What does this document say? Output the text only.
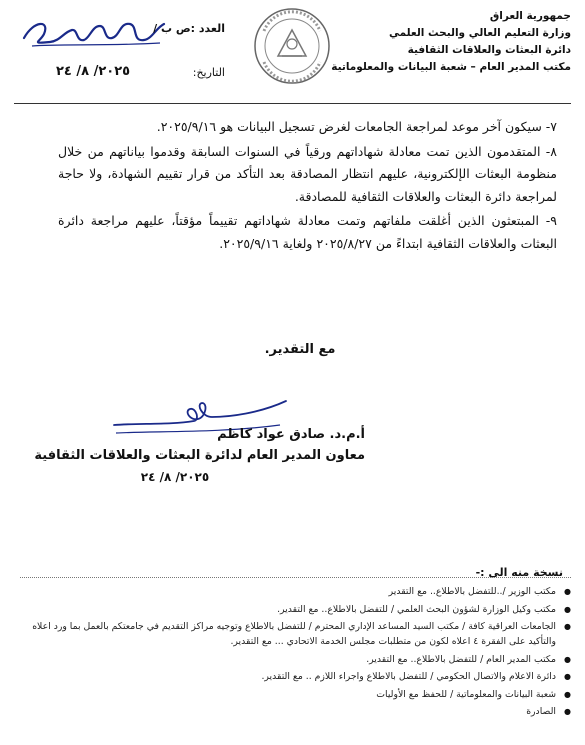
جمهورية العراق
وزارة التعليم العالي والبحث العلمي
دائرة البعثات والعلاقات الثقافية
مكتب المدير العام – شعبة البيانات والمعلوماتية
العدد :ص ب /
التاريخ:
٢٠٢٥/ ٨/ ٢٤
٧- سيكون آخر موعد لمراجعة الجامعات لغرض تسجيل البيانات هو ٢٠٢٥/٩/١٦.
٨- المتقدمون الذين تمت معادلة شهاداتهم ورقياً في السنوات السابقة وقدموا بياناتهم من خلال منظومة البعثات الإلكترونية، عليهم انتظار المصادقة بعد التأكد من قرار تقييم الشهادة، ولا حاجة لمراجعة دائرة البعثات والعلاقات الثقافية للمصادقة.
٩- المبتعثون الذين أغلقت ملفاتهم وتمت معادلة شهاداتهم تقييماً مؤقتاً، عليهم مراجعة دائرة البعثات والعلاقات الثقافية ابتداءً من ٢٠٢٥/٨/٢٧ ولغاية ٢٠٢٥/٩/١٦.
مع التقدير.
أ.م.د. صادق عواد كاظم
معاون المدير العام لدائرة البعثات والعلاقات الثقافية
٢٠٢٥/ ٨/ ٢٤
نسخة منه الى :-
● مكتب الوزير /..للتفضل بالاطلاع.. مع التقدير
● مكتب وكيل الوزارة لشؤون البحث العلمي / للتفضل بالاطلاع.. مع التقدير.
● الجامعات العراقية كافة / مكتب السيد المساعد الإداري المحترم / للتفضل بالاطلاع وتوجيه مراكز التقديم في جامعتكم بالعمل بما ورد اعلاه والتأكيد على الفقرة ٤ اعلاه لكون من متطلبات مجلس الخدمة الاتحادي ... مع التقدير.
● مكتب المدير العام / للتفضل بالاطلاع.. مع التقدير.
● دائرة الاعلام والاتصال الحكومي / للتفضل بالاطلاع واجراء اللازم .. مع التقدير.
● شعبة البيانات والمعلوماتية / للحفظ مع الأوليات
● الصادرة
